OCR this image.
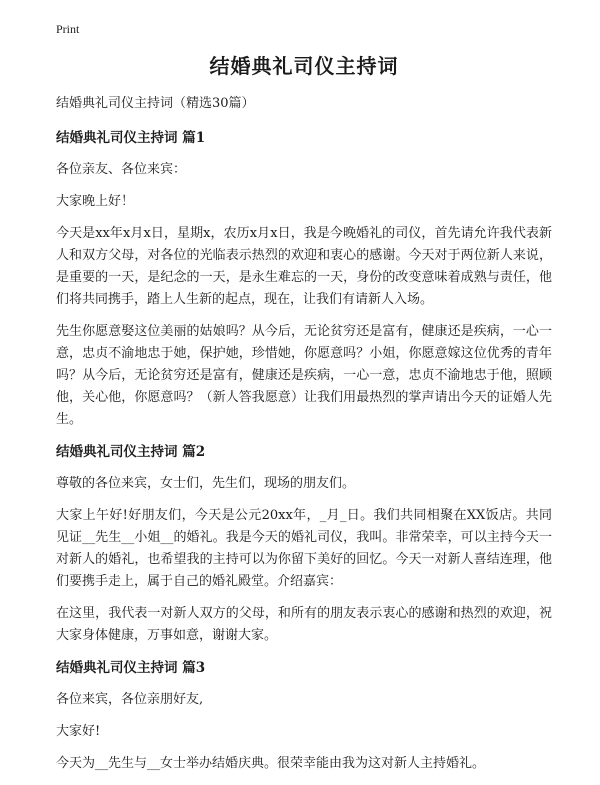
Print
结婚典礼司仪主持词
结婚典礼司仪主持词（精选30篇）
结婚典礼司仪主持词 篇1

各位亲友、各位来宾：

大家晚上好！

今天是xx年x月x日，星期x，农历x月x日，我是今晚婚礼的司仪，首先请允许我代表新人和双方父母，对各位的光临表示热烈的欢迎和衷心的感谢。今天对于两位新人来说，是重要的一天，是纪念的一天，是永生难忘的一天，身份的改变意味着成熟与责任，他们将共同携手，踏上人生新的起点，现在，让我们有请新人入场。

先生你愿意娶这位美丽的姑娘吗？从今后，无论贫穷还是富有，健康还是疾病，一心一意，忠贞不渝地忠于她，保护她，珍惜她，你愿意吗？小姐，你愿意嫁这位优秀的青年吗？从今后，无论贫穷还是富有，健康还是疾病，一心一意，忠贞不渝地忠于他，照顾他，关心他，你愿意吗？（新人答我愿意）让我们用最热烈的掌声请出今天的证婚人先生。

结婚典礼司仪主持词 篇2

尊敬的各位来宾，女士们，先生们，现场的朋友们。

大家上午好!好朋友们，今天是公元20xx年，_月_日。我们共同相聚在XX饭店。共同见证__先生__小姐__的婚礼。我是今天的婚礼司仪，我叫。非常荣幸，可以主持今天一对新人的婚礼，也希望我的主持可以为你留下美好的回忆。今天一对新人喜结连理，他们要携手走上，属于自己的婚礼殿堂。介绍嘉宾：

在这里，我代表一对新人双方的父母，和所有的朋友表示衷心的感谢和热烈的欢迎，祝大家身体健康，万事如意，谢谢大家。

结婚典礼司仪主持词 篇3

各位来宾，各位亲朋好友,

大家好!

今天为__先生与__女士举办结婚庆典。很荣幸能由我为这对新人主持婚礼。
